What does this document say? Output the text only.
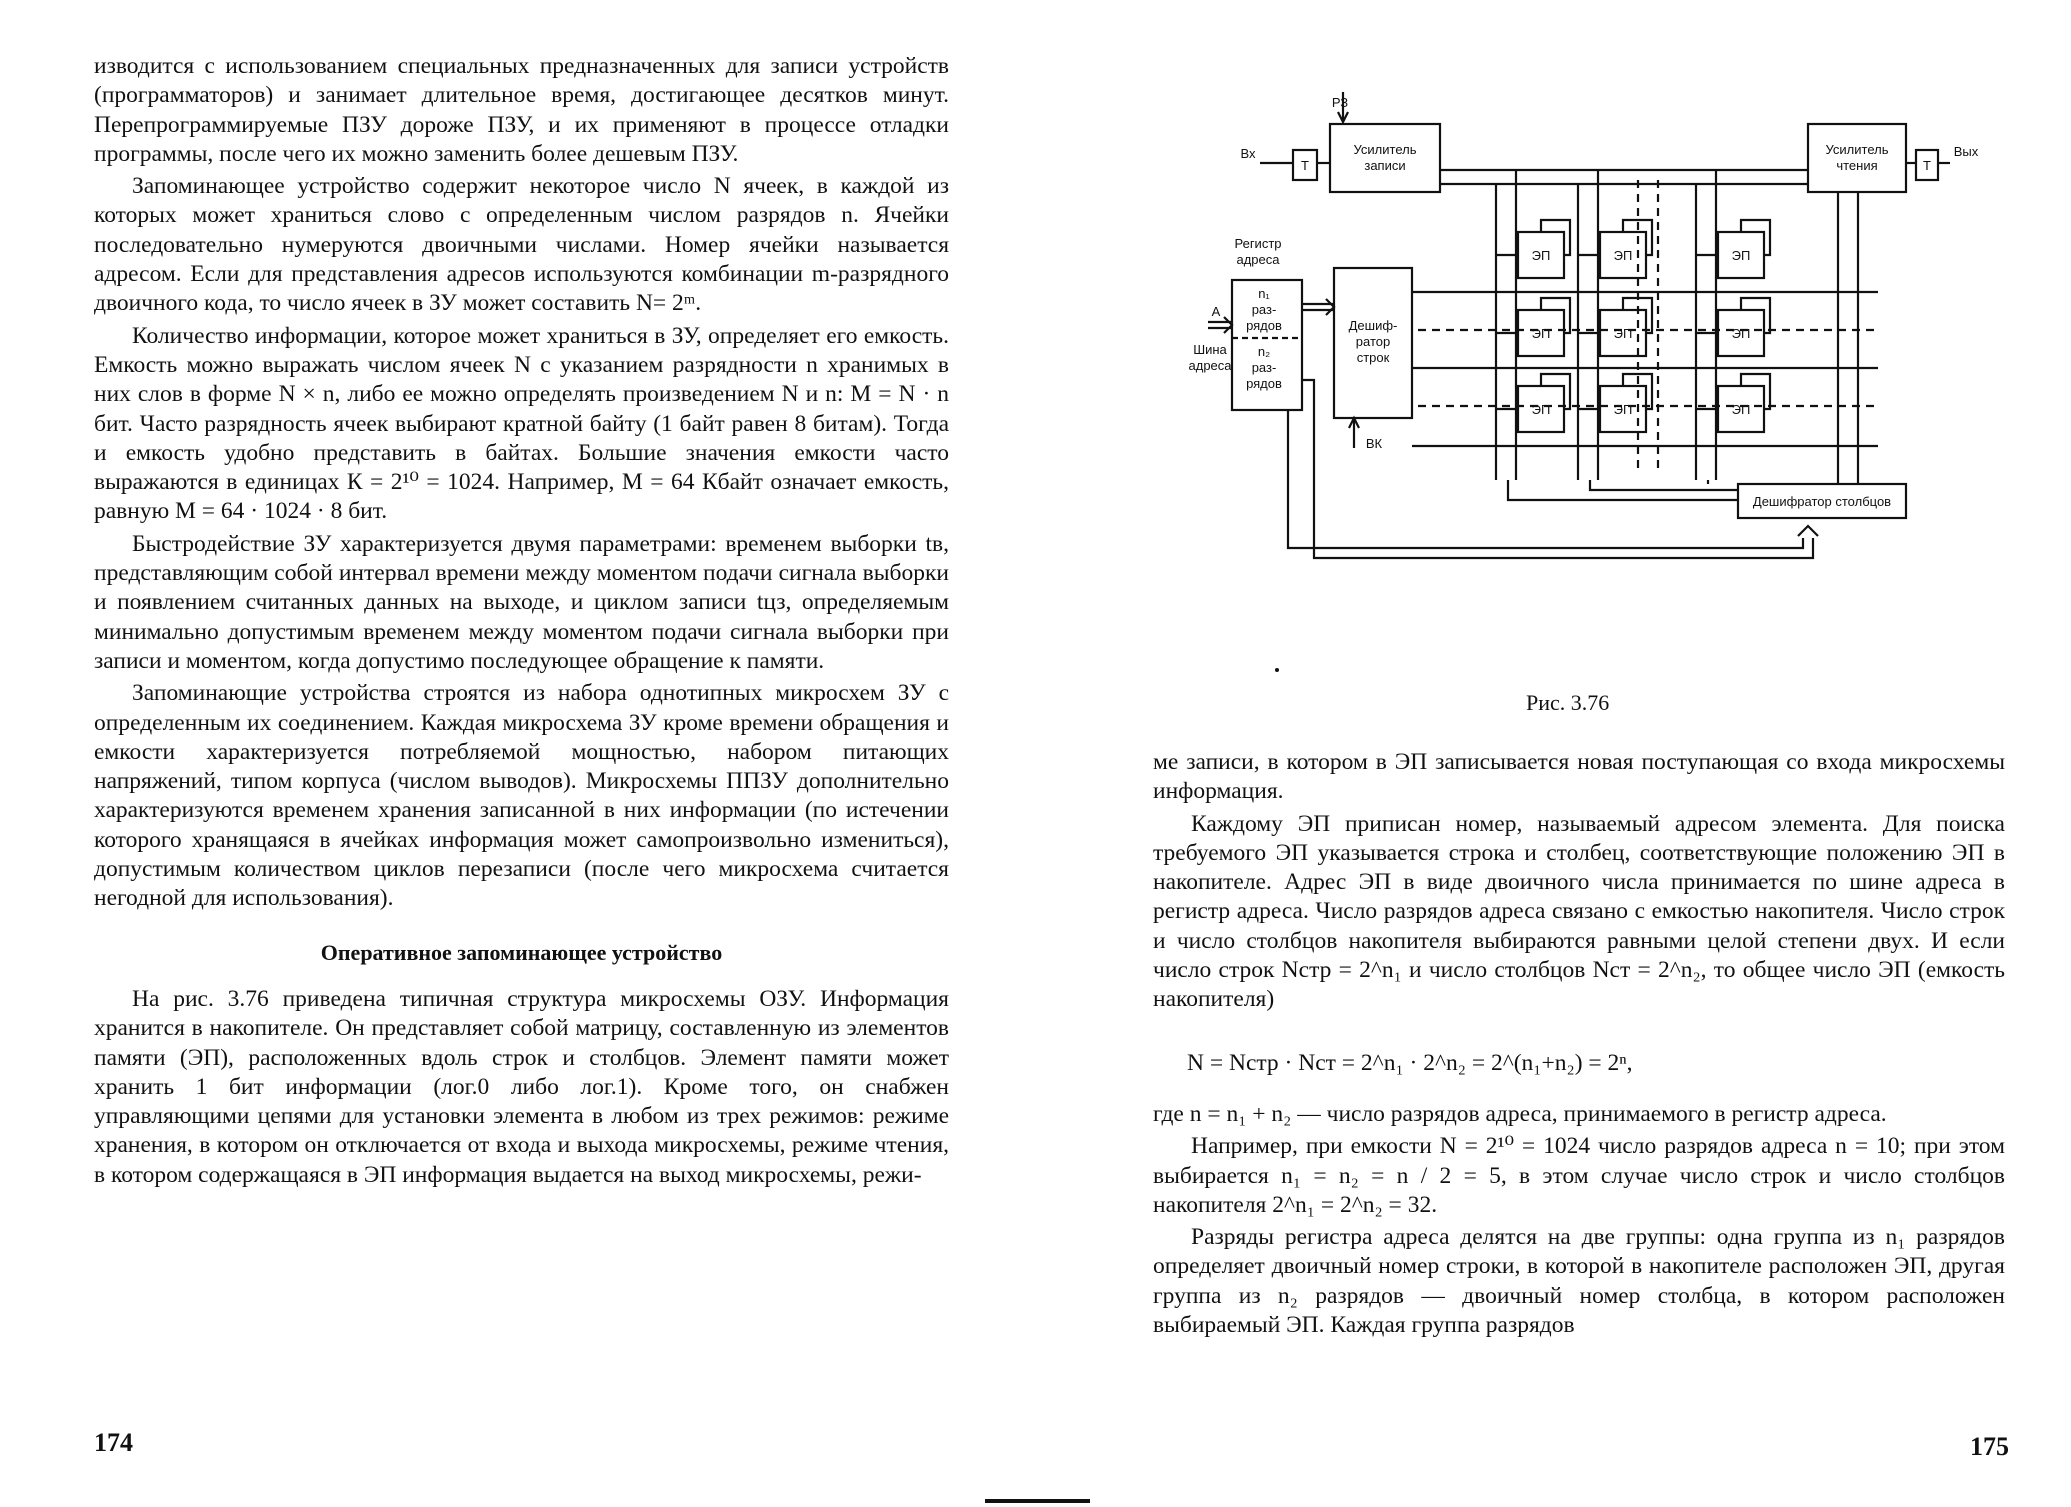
изводится с использованием специальных предназначенных для записи устройств (программаторов) и занимает длительное время, достигающее десятков минут. Перепрограммируемые ПЗУ дороже ПЗУ, и их применяют в процессе отладки программы, после чего их можно заменить более дешевым ПЗУ.

Запоминающее устройство содержит некоторое число N ячеек, в каждой из которых может храниться слово с определенным числом разрядов n. Ячейки последовательно нумеруются двоичными числами. Номер ячейки называется адресом. Если для представления адресов используются комбинации m-разрядного двоичного кода, то число ячеек в ЗУ может составить N= 2ᵐ.

Количество информации, которое может храниться в ЗУ, определяет его емкость. Емкость можно выражать числом ячеек N с указанием разрядности n хранимых в них слов в форме N × n, либо ее можно определять произведением N и n: M = N · n бит. Часто разрядность ячеек выбирают кратной байту (1 байт равен 8 битам). Тогда и емкость удобно представить в байтах. Большие значения емкости часто выражаются в единицах К = 2¹⁰ = 1024. Например, M = 64 Кбайт означает емкость, равную M = 64 · 1024 · 8 бит.

Быстродействие ЗУ характеризуется двумя параметрами: временем выборки tв, представляющим собой интервал времени между моментом подачи сигнала выборки и появлением считанных данных на выходе, и циклом записи tцз, определяемым минимально допустимым временем между моментом подачи сигнала выборки при записи и моментом, когда допустимо последующее обращение к памяти.

Запоминающие устройства строятся из набора однотипных микросхем ЗУ с определенным их соединением. Каждая микросхема ЗУ кроме времени обращения и емкости характеризуется потребляемой мощностью, набором питающих напряжений, типом корпуса (числом выводов). Микросхемы ППЗУ дополнительно характеризуются временем хранения записанной в них информации (по истечении которого хранящаяся в ячейках информация может самопроизвольно измениться), допустимым количеством циклов перезаписи (после чего микросхема считается негодной для использования).

Оперативное запоминающее устройство

На рис. 3.76 приведена типичная структура микросхемы ОЗУ. Информация хранится в накопителе. Он представляет собой матрицу, составленную из элементов памяти (ЭП), расположенных вдоль строк и столбцов. Элемент памяти может хранить 1 бит информации (лог.0 либо лог.1). Кроме того, он снабжен управляющими цепями для установки элемента в любом из трех режимов: режиме хранения, в котором он отключается от входа и выхода микросхемы, режиме чтения, в котором содержащаяся в ЭП информация выдается на выход микросхемы, режи-

174
РЗ
Вх
Т
Усилитель
записи
Усилитель
чтения	Т
Вых
Регистр
адреса
n₁
раз-
рядов
n₂
раз-
рядов
А
Шина
адреса
Дешиф-
ратор
строк
ВК
ЭП	ЭП	ЭП
ЭП	ЭП	ЭП
ЭП	ЭП	ЭП
Дешифратор столбцов
Рис. 3.76

ме записи, в котором в ЭП записывается новая поступающая со входа микросхемы информация.

Каждому ЭП приписан номер, называемый адресом элемента. Для поиска требуемого ЭП указывается строка и столбец, соответствующие положению ЭП в накопителе. Адрес ЭП в виде двоичного числа принимается по шине адреса в регистр адреса. Число разрядов адреса связано с емкостью накопителя. Число строк и число столбцов накопителя выбираются равными целой степени двух. И если число строк Nстр = 2^n₁ и число столбцов Nст = 2^n₂, то общее число ЭП (емкость накопителя)

N = Nстр · Nст = 2^n₁ · 2^n₂ = 2^(n₁+n₂) = 2ⁿ,

где n = n₁ + n₂ — число разрядов адреса, принимаемого в регистр адреса.

Например, при емкости N = 2¹⁰ = 1024 число разрядов адреса n = 10; при этом выбирается n₁ = n₂ = n / 2 = 5, в этом случае число строк и число столбцов накопителя 2^n₁ = 2^n₂ = 32.

Разряды регистра адреса делятся на две группы: одна группа из n₁ разрядов определяет двоичный номер строки, в которой в накопителе расположен ЭП, другая группа из n₂ разрядов — двоичный номер столбца, в котором расположен выбираемый ЭП. Каждая группа разрядов

175
